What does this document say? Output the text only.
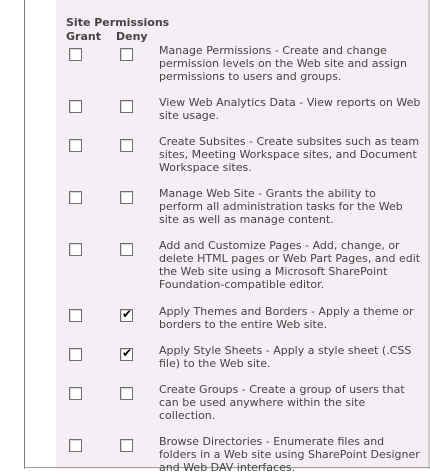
Site Permissions
Grant Deny
Manage Permissions - Create and change permission levels on the Web site and assign permissions to users and groups.
View Web Analytics Data - View reports on Web site usage.
Create Subsites - Create subsites such as team sites, Meeting Workspace sites, and Document Workspace sites.
Manage Web Site - Grants the ability to perform all administration tasks for the Web site as well as manage content.
Add and Customize Pages - Add, change, or delete HTML pages or Web Part Pages, and edit the Web site using a Microsoft SharePoint Foundation-compatible editor.
✔ Apply Themes and Borders - Apply a theme or borders to the entire Web site.
✔ Apply Style Sheets - Apply a style sheet (.CSS file) to the Web site.
Create Groups - Create a group of users that can be used anywhere within the site collection.
Browse Directories - Enumerate files and folders in a Web site using SharePoint Designer and Web DAV interfaces.
